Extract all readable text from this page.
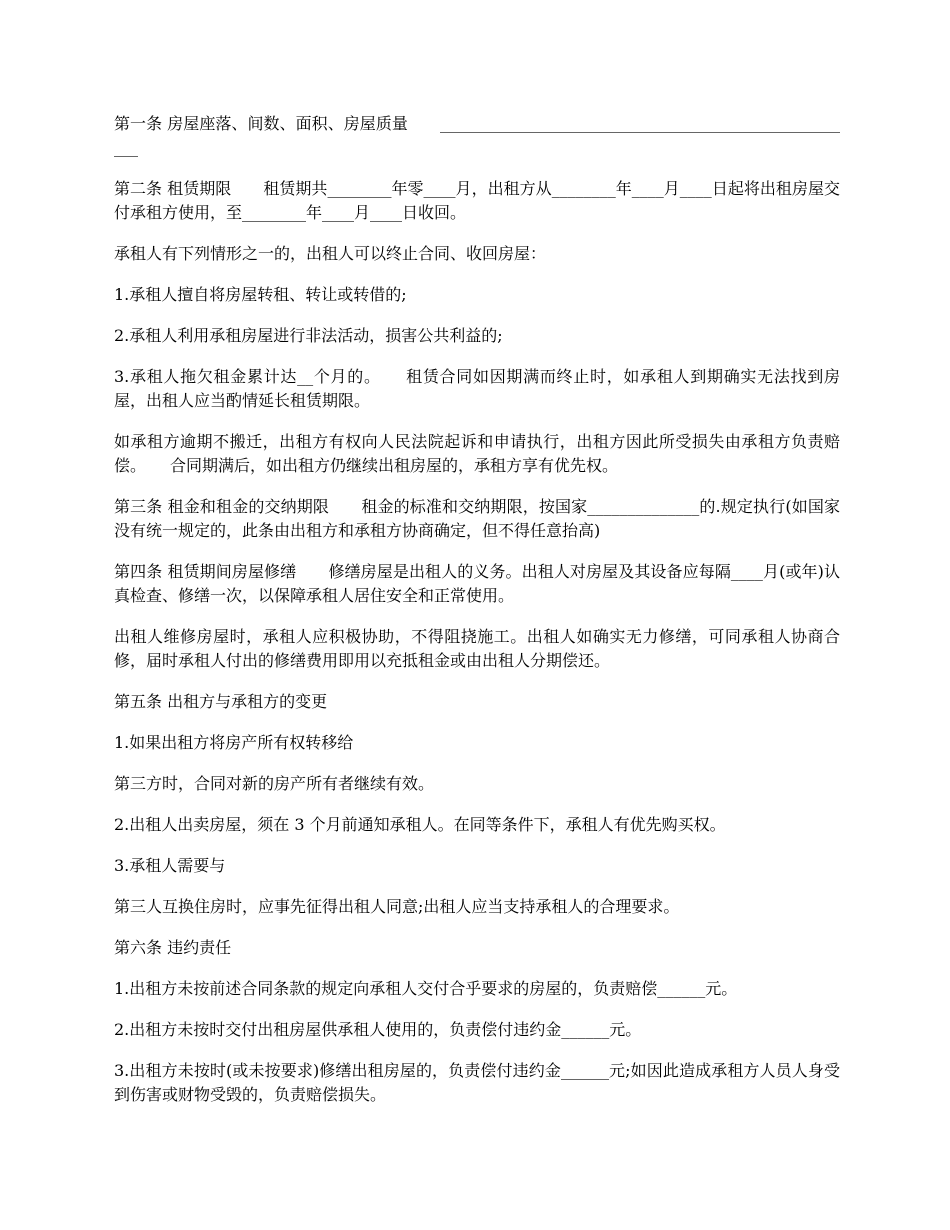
第一条 房屋座落、间数、面积、房屋质量　　_____________________________________________________

第二条 租赁期限　　租赁期共________年零____月，出租方从________年____月____日起将出租房屋交付承租方使用，至________年____月____日收回。

承租人有下列情形之一的，出租人可以终止合同、收回房屋：

1.承租人擅自将房屋转租、转让或转借的;

2.承租人利用承租房屋进行非法活动，损害公共利益的;

3.承租人拖欠租金累计达__个月的。　　租赁合同如因期满而终止时，如承租人到期确实无法找到房屋，出租人应当酌情延长租赁期限。

如承租方逾期不搬迁，出租方有权向人民法院起诉和申请执行，出租方因此所受损失由承租方负责赔偿。　　合同期满后，如出租方仍继续出租房屋的，承租方享有优先权。

第三条 租金和租金的交纳期限　　租金的标准和交纳期限，按国家______________的.规定执行(如国家没有统一规定的，此条由出租方和承租方协商确定，但不得任意抬高)

第四条 租赁期间房屋修缮　　修缮房屋是出租人的义务。出租人对房屋及其设备应每隔____月(或年)认真检查、修缮一次，以保障承租人居住安全和正常使用。

出租人维修房屋时，承租人应积极协助，不得阻挠施工。出租人如确实无力修缮，可同承租人协商合修，届时承租人付出的修缮费用即用以充抵租金或由出租人分期偿还。

第五条 出租方与承租方的变更

1.如果出租方将房产所有权转移给

第三方时，合同对新的房产所有者继续有效。

2.出租人出卖房屋，须在 3 个月前通知承租人。在同等条件下，承租人有优先购买权。

3.承租人需要与

第三人互换住房时，应事先征得出租人同意;出租人应当支持承租人的合理要求。

第六条 违约责任

1.出租方未按前述合同条款的规定向承租人交付合乎要求的房屋的，负责赔偿______元。

2.出租方未按时交付出租房屋供承租人使用的，负责偿付违约金______元。

3.出租方未按时(或未按要求)修缮出租房屋的，负责偿付违约金______元;如因此造成承租方人员人身受到伤害或财物受毁的，负责赔偿损失。
